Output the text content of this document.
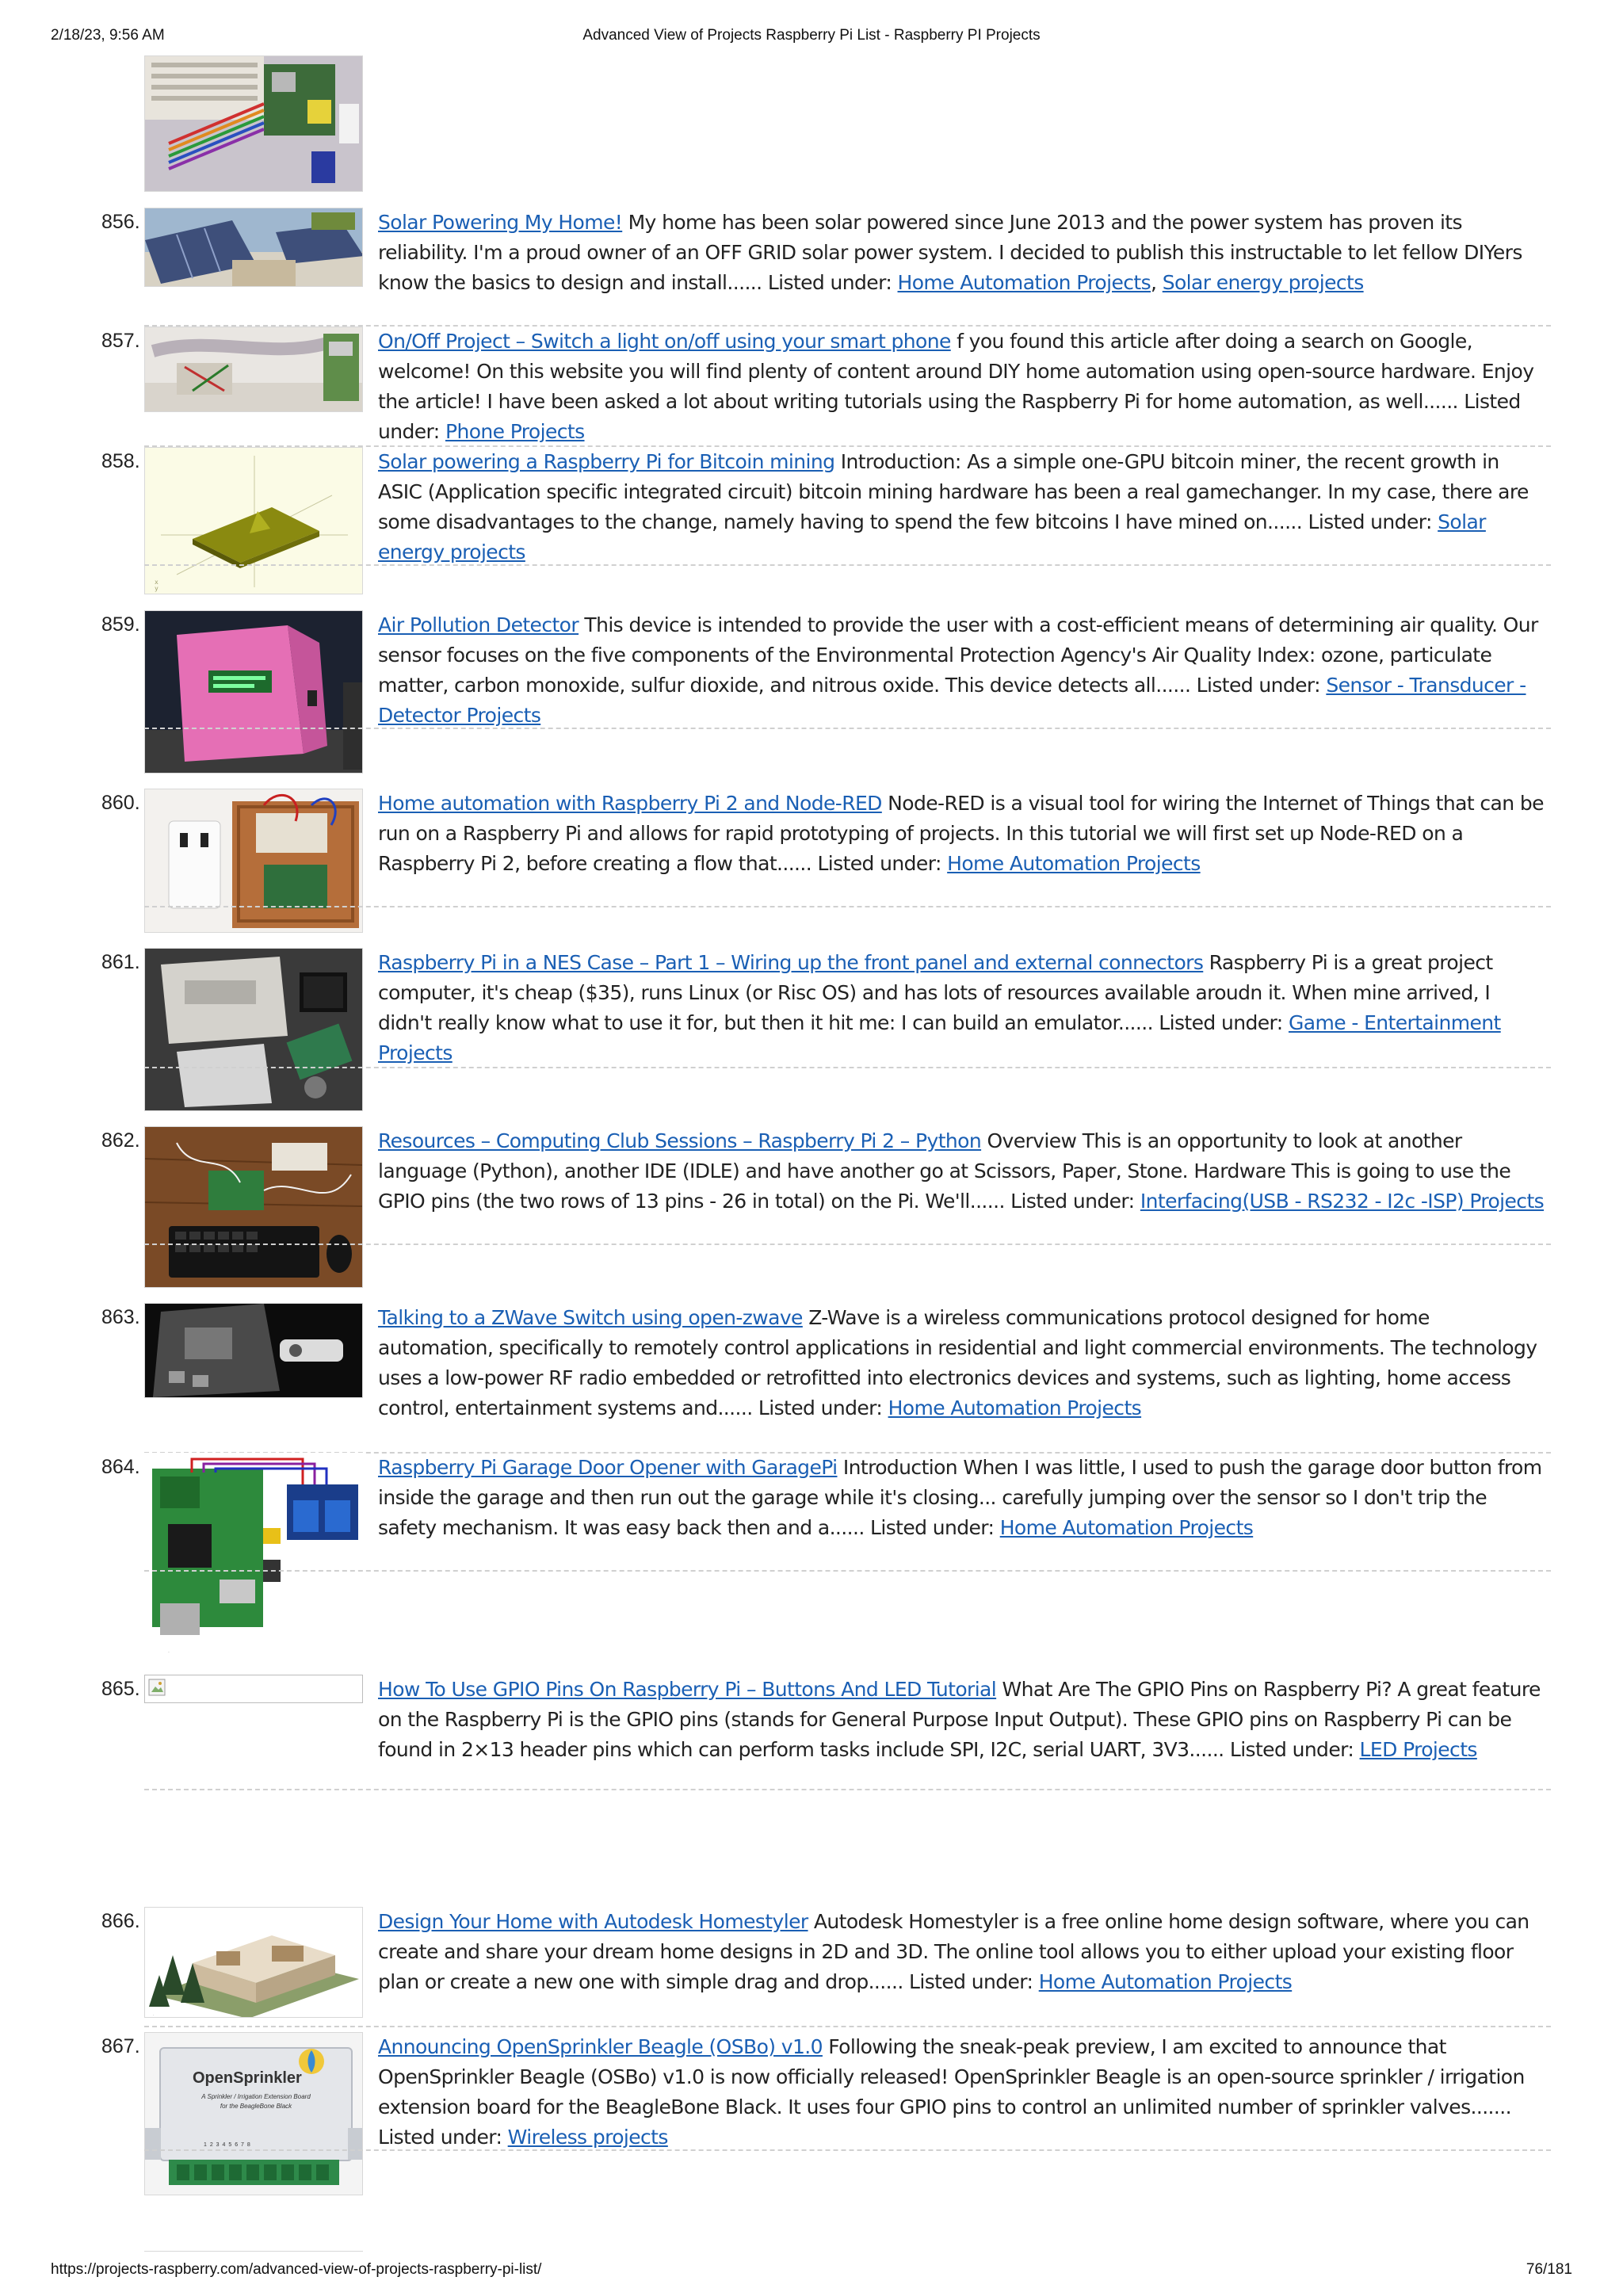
2/18/23, 9:56 AM	Advanced View of Projects Raspberry Pi List - Raspberry PI Projects
856.	Solar Powering My Home! My home has been solar powered since June 2013 and the power system has proven its reliability. I'm a proud owner of an OFF GRID solar power system. I decided to publish this instructable to let fellow DIYers know the basics to design and install...... Listed under: Home Automation Projects, Solar energy projects
857.	On/Off Project – Switch a light on/off using your smart phone f you found this article after doing a search on Google, welcome! On this website you will find plenty of content around DIY home automation using open-source hardware. Enjoy the article! I have been asked a lot about writing tutorials using the Raspberry Pi for home automation, as well...... Listed under: Phone Projects
858.
x
y
Solar powering a Raspberry Pi for Bitcoin mining Introduction: As a simple one-GPU bitcoin miner, the recent growth in ASIC (Application specific integrated circuit) bitcoin mining hardware has been a real gamechanger. In my case, there are some disadvantages to the change, namely having to spend the few bitcoins I have mined on...... Listed under: Solar energy projects
859.	Air Pollution Detector This device is intended to provide the user with a cost-efficient means of determining air quality. Our sensor focuses on the five components of the Environmental Protection Agency's Air Quality Index: ozone, particulate matter, carbon monoxide, sulfur dioxide, and nitrous oxide. This device detects all...... Listed under: Sensor - Transducer - Detector Projects
860.	Home automation with Raspberry Pi 2 and Node-RED Node-RED is a visual tool for wiring the Internet of Things that can be run on a Raspberry Pi and allows for rapid prototyping of projects. In this tutorial we will first set up Node-RED on a Raspberry Pi 2, before creating a flow that...... Listed under: Home Automation Projects
861.	Raspberry Pi in a NES Case – Part 1 – Wiring up the front panel and external connectors Raspberry Pi is a great project computer, it's cheap ($35), runs Linux (or Risc OS) and has lots of resources available aroudn it. When mine arrived, I didn't really know what to use it for, but then it hit me: I can build an emulator...... Listed under: Game - Entertainment Projects
862.	Resources – Computing Club Sessions – Raspberry Pi 2 – Python Overview This is an opportunity to look at another language (Python), another IDE (IDLE) and have another go at Scissors, Paper, Stone. Hardware This is going to use the GPIO pins (the two rows of 13 pins - 26 in total) on the Pi. We'll...... Listed under: Interfacing(USB - RS232 - I2c -ISP) Projects
863.	Talking to a ZWave Switch using open-zwave Z-Wave is a wireless communications protocol designed for home automation, specifically to remotely control applications in residential and light commercial environments. The technology uses a low-power RF radio embedded or retrofitted into electronics devices and systems, such as lighting, home access control, entertainment systems and...... Listed under: Home Automation Projects
864.
.
Raspberry Pi Garage Door Opener with GaragePi Introduction When I was little, I used to push the garage door button from inside the garage and then run out the garage while it's closing... carefully jumping over the sensor so I don't trip the safety mechanism. It was easy back then and a...... Listed under: Home Automation Projects
865.	How To Use GPIO Pins On Raspberry Pi – Buttons And LED Tutorial What Are The GPIO Pins on Raspberry Pi? A great feature on the Raspberry Pi is the GPIO pins (stands for General Purpose Input Output). These GPIO pins on Raspberry Pi can be found in 2×13 header pins which can perform tasks include SPI, I2C, serial UART, 3V3...... Listed under: LED Projects
866.
.
Design Your Home with Autodesk Homestyler Autodesk Homestyler is a free online home design software, where you can create and share your dream home designs in 2D and 3D. The online tool allows you to either upload your existing floor plan or create a new one with simple drag and drop...... Listed under: Home Automation Projects
867.
OpenSprinkler
A Sprinkler / Irrigation Extension Board
for the BeagleBone Black
1 2 3 4 5 6 7 8
Announcing OpenSprinkler Beagle (OSBo) v1.0 Following the sneak-peak preview, I am excited to announce that OpenSprinkler Beagle (OSBo) v1.0 is now officially released! OpenSprinkler Beagle is an open-source sprinkler / irrigation extension board for the BeagleBone Black. It uses four GPIO pins to control an unlimited number of sprinkler valves....... Listed under: Wireless projects
https://projects-raspberry.com/advanced-view-of-projects-raspberry-pi-list/	76/181
